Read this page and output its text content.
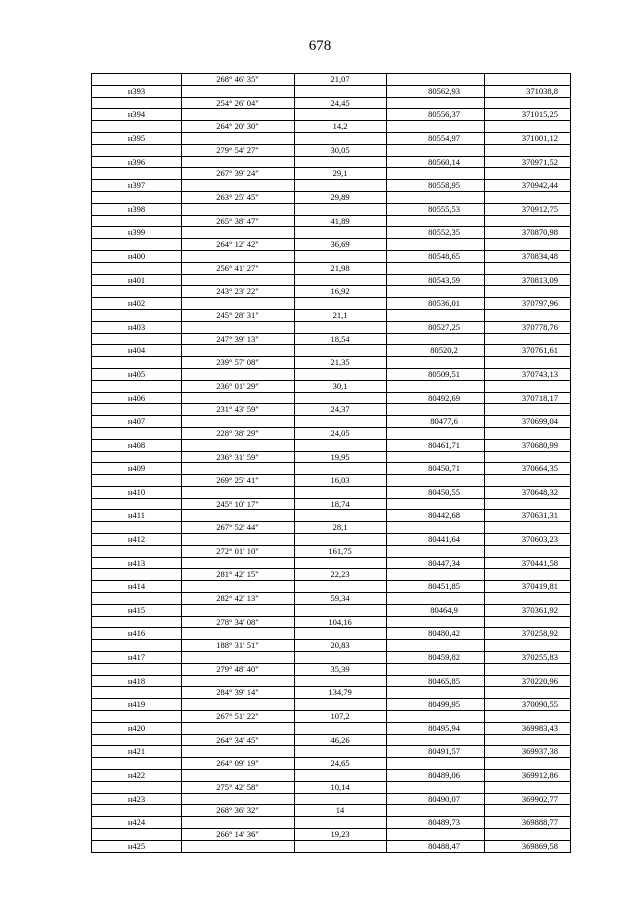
678
268° 46' 35"	21,07
н393	80562,93	371038,8
254° 26' 04"	24,45
н394	80556,37	371015,25
264° 20' 30"	14,2
н395	80554,97	371001,12
279° 54' 27"	30,05
н396	80560,14	370971,52
267° 39' 24"	29,1
н397	80558,95	370942,44
263° 25' 45"	29,89
н398	80555,53	370912,75
265° 38' 47"	41,89
н399	80552,35	370870,98
264° 12' 42"	36,69
н400	80548,65	370834,48
256° 41' 27"	21,98
н401	80543,59	370813,09
243° 23' 22"	16,92
н402	80536,01	370797,96
245° 28' 31"	21,1
н403	80527,25	370778,76
247° 39' 13"	18,54
н404	80520,2	370761,61
239° 57' 08"	21,35
н405	80509,51	370743,13
236° 01' 29"	30,1
н406	80492,69	370718,17
231° 43' 59"	24,37
н407	80477,6	370699,04
228° 38' 29"	24,05
н408	80461,71	370680,99
236° 31' 59"	19,95
н409	80450,71	370664,35
269° 25' 41"	16,03
н410	80450,55	370648,32
245° 10' 17"	18,74
н411	80442,68	370631,31
267° 52' 44"	28,1
н412	80441,64	370603,23
272° 01' 10"	161,75
н413	80447,34	370441,58
281° 42' 15"	22,23
н414	80451,85	370419,81
282° 42' 13"	59,34
н415	80464,9	370361,92
278° 34' 08"	104,16
н416	80480,42	370258,92
188° 31' 51"	20,83
н417	80459,82	370255,83
279° 48' 40"	35,39
н418	80465,85	370220,96
284° 39' 14"	134,79
н419	80499,95	370090,55
267° 51' 22"	107,2
н420	80495,94	369983,43
264° 34' 45"	46,26
н421	80491,57	369937,38
264° 09' 19"	24,65
н422	80489,06	369912,86
275° 42' 58"	10,14
н423	80490,07	369902,77
268° 36' 32"	14
н424	80489,73	369888,77
266° 14' 36"	19,23
н425	80488,47	369869,58
